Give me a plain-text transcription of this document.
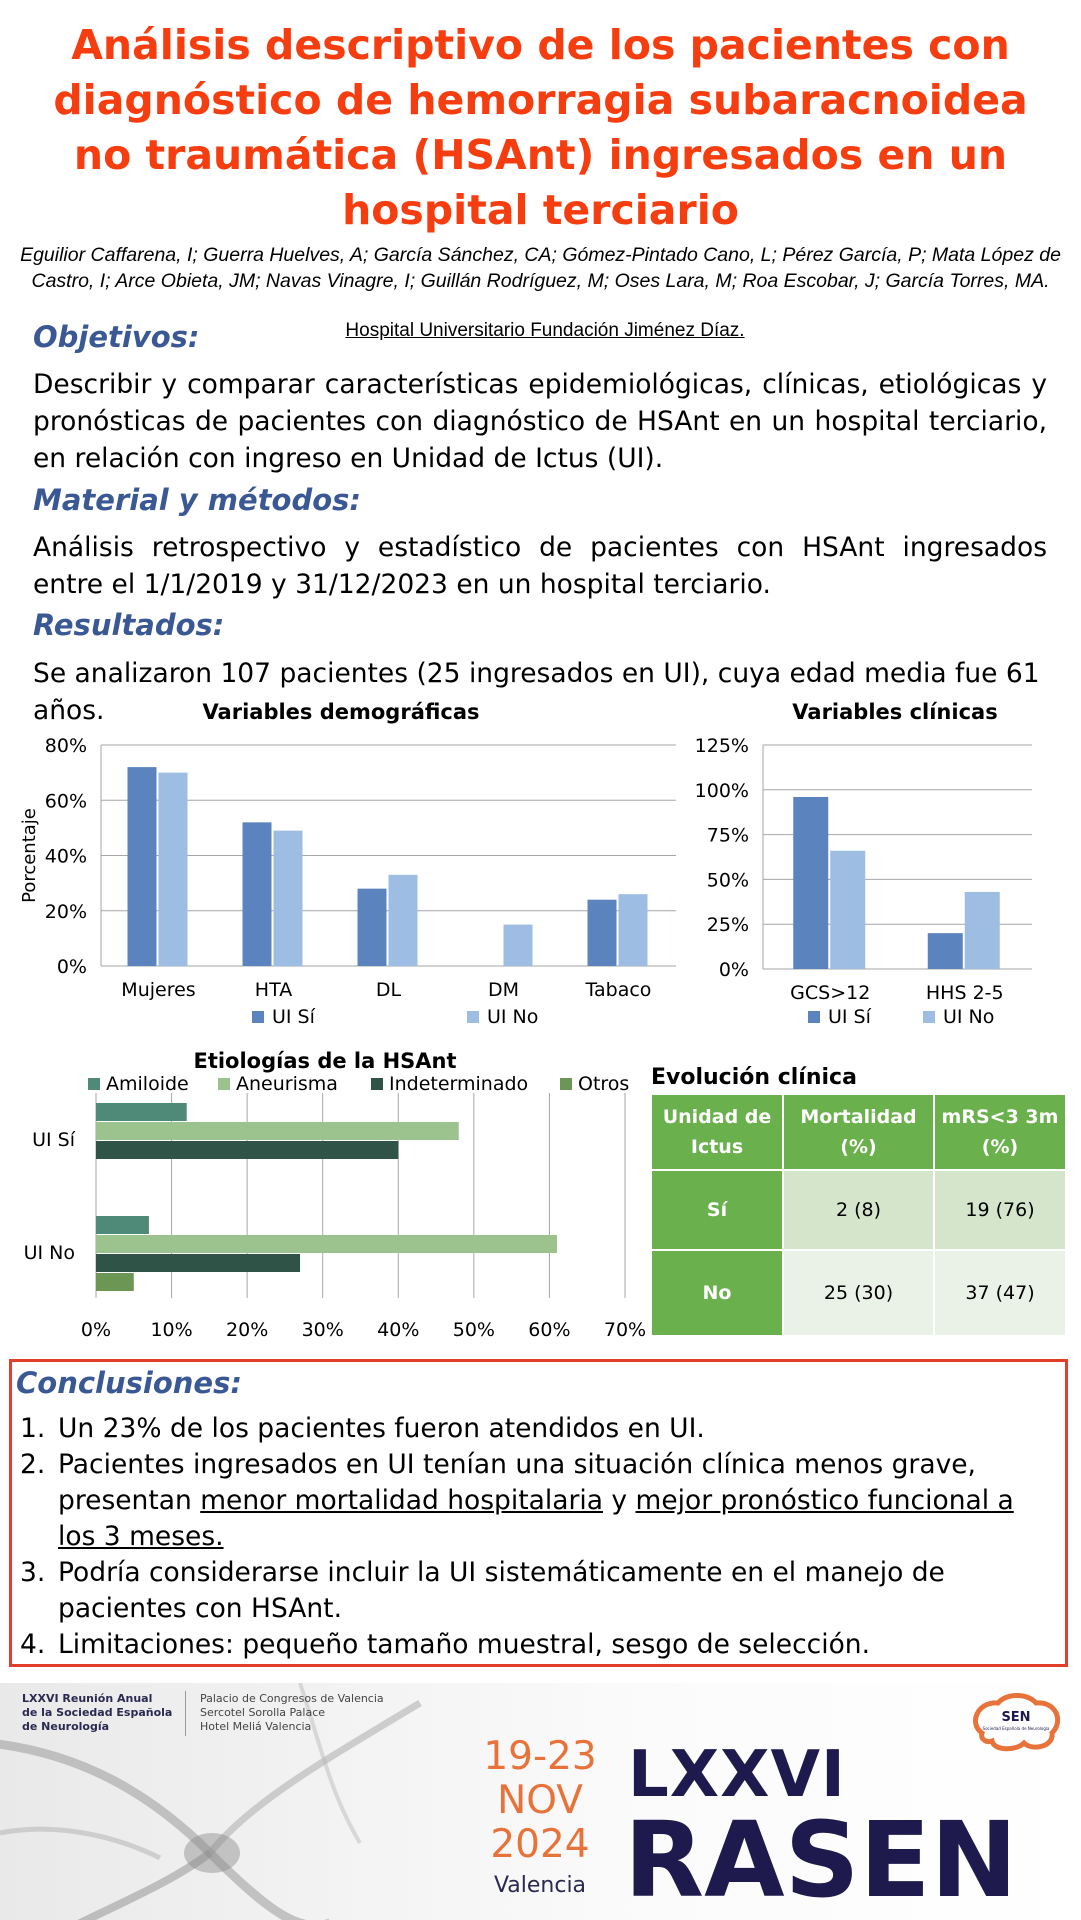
Análisis descriptivo de los pacientes con diagnóstico de hemorragia subaracnoidea no traumática (HSAnt) ingresados en un hospital terciario
Eguilior Caffarena, I; Guerra Huelves, A; García Sánchez, CA; Gómez-Pintado Cano, L; Pérez García, P; Mata López de Castro, I; Arce Obieta, JM; Navas Vinagre, I; Guillán Rodríguez, M; Oses Lara, M; Roa Escobar, J; García Torres, MA.
Hospital Universitario Fundación Jiménez Díaz.
Objetivos:
Describir y comparar características epidemiológicas, clínicas, etiológicas y pronósticas de pacientes con diagnóstico de HSAnt en un hospital terciario, en relación con ingreso en Unidad de Ictus (UI).
Material y métodos:
Análisis retrospectivo y estadístico de pacientes con HSAnt ingresados entre el 1/1/2019 y 31/12/2023 en un hospital terciario.
Resultados:
Se analizaron 107 pacientes (25 ingresados en UI), cuya edad media fue 61 años.	Variables demográficas
0%
20%
40%
60%
80%
Mujeres	HTA	DL	DM	Tabaco
Porcentaje
UI Sí	UI No
Variables clínicas
0%
25%
50%
75%
100%
125%
GCS>12	HHS 2-5
UI Sí	UI No
Etiologías de la HSAnt
0% 10% 20% 30% 40% 50% 60% 70%
Amiloide Aneurisma	Indeterminado	Otros
UI Sí
UI No
Evolución clínica
Unidad de Ictus	Mortalidad (%)	mRS<3 3m (%)
Sí	2 (8)	19 (76)
No	25 (30)	37 (47)
Conclusiones:
1. Un 23% de los pacientes fueron atendidos en UI.
2. Pacientes ingresados en UI tenían una situación clínica menos grave, presentan menor mortalidad hospitalaria y mejor pronóstico funcional a los 3 meses.
3. Podría considerarse incluir la UI sistemáticamente en el manejo de pacientes con HSAnt.
4. Limitaciones: pequeño tamaño muestral, sesgo de selección.
LXXVI Reunión Anual
de la Sociedad Española
de Neurología
Palacio de Congresos de Valencia
Sercotel Sorolla Palace
Hotel Meliá Valencia
19-23
NOV
2024
Valencia
LXXVI
RASEN
SEN
Sociedad Española de Neurología
